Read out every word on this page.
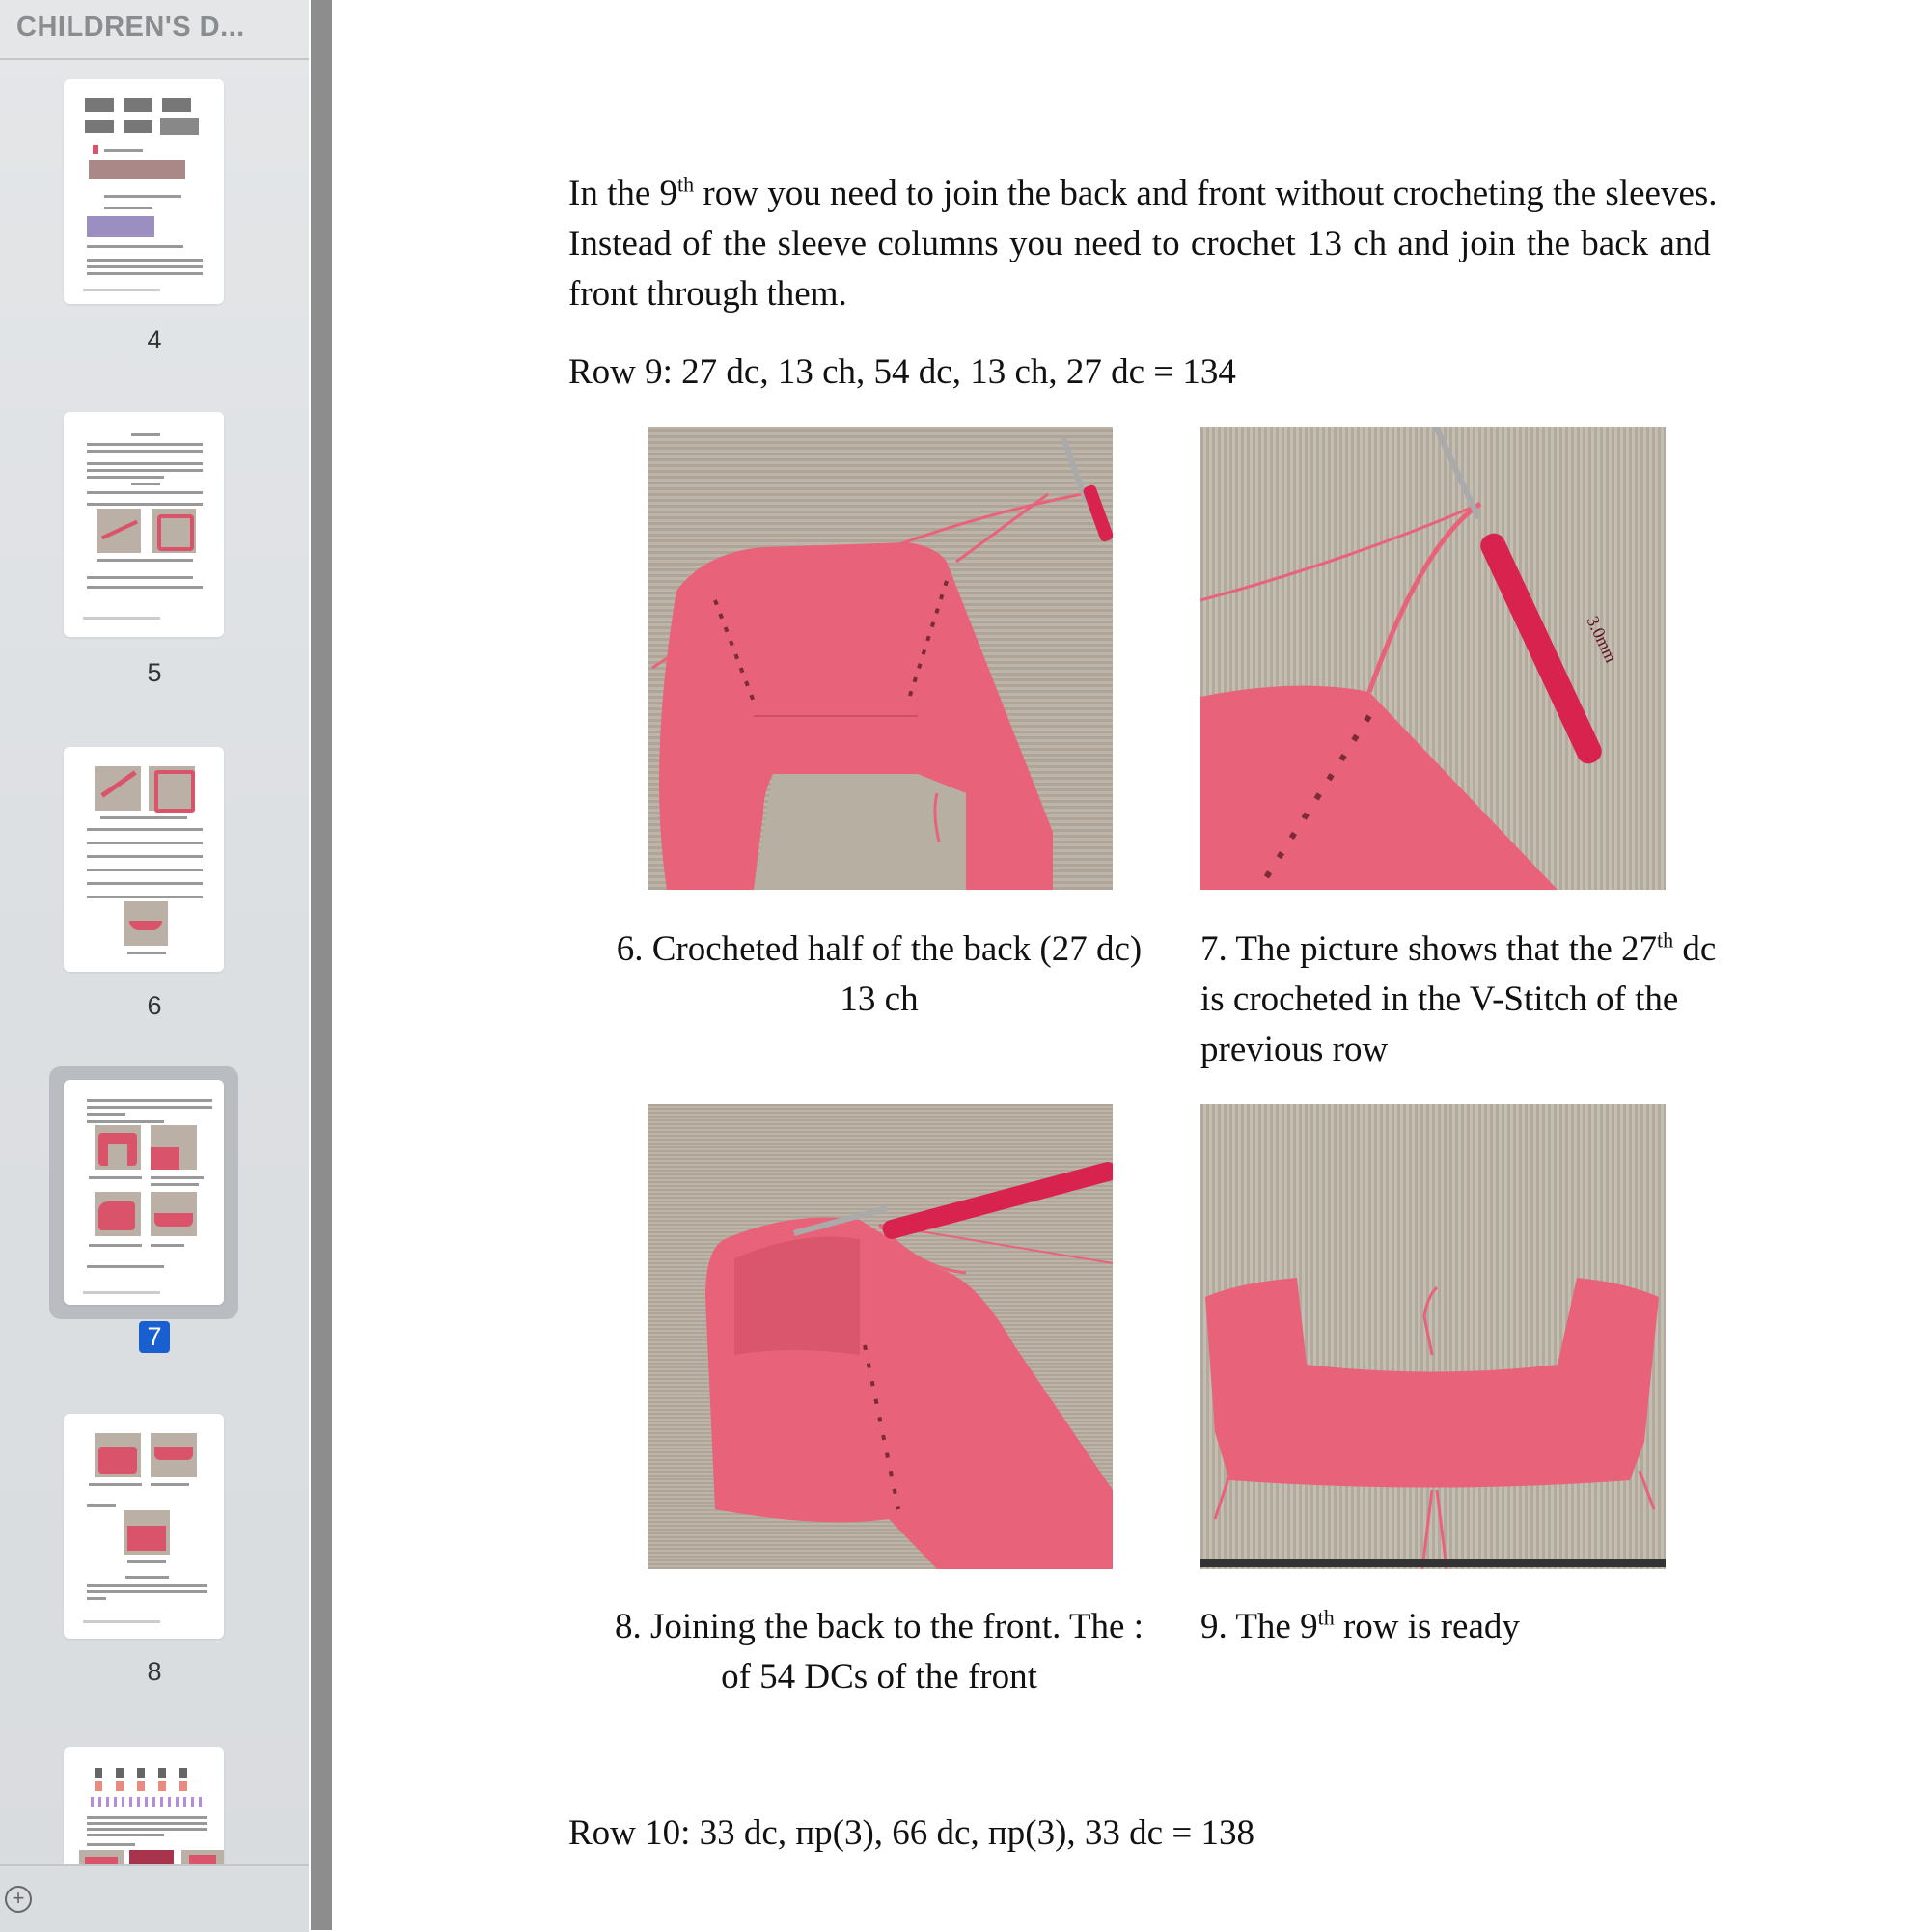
CHILDREN'S D...
4
5
6
7
8
+
In the 9th row you need to join the back and front without crocheting the sleeves.
Instead of the sleeve columns you need to crochet 13 ch and join the back and
front through them.
Row 9: 27 dc, 13 ch, 54 dc, 13 ch, 27 dc = 134
6. Crocheted half of the back (27 dc)
13 ch
3.0mm
7. The picture shows that the 27th dc
is crocheted in the V-Stitch of the
previous row
8. Joining the back to the front. The :
of 54 DCs of the front
9. The 9th row is ready
Row 10: 33 dc, пр(3), 66 dc, пр(3), 33 dc = 138
